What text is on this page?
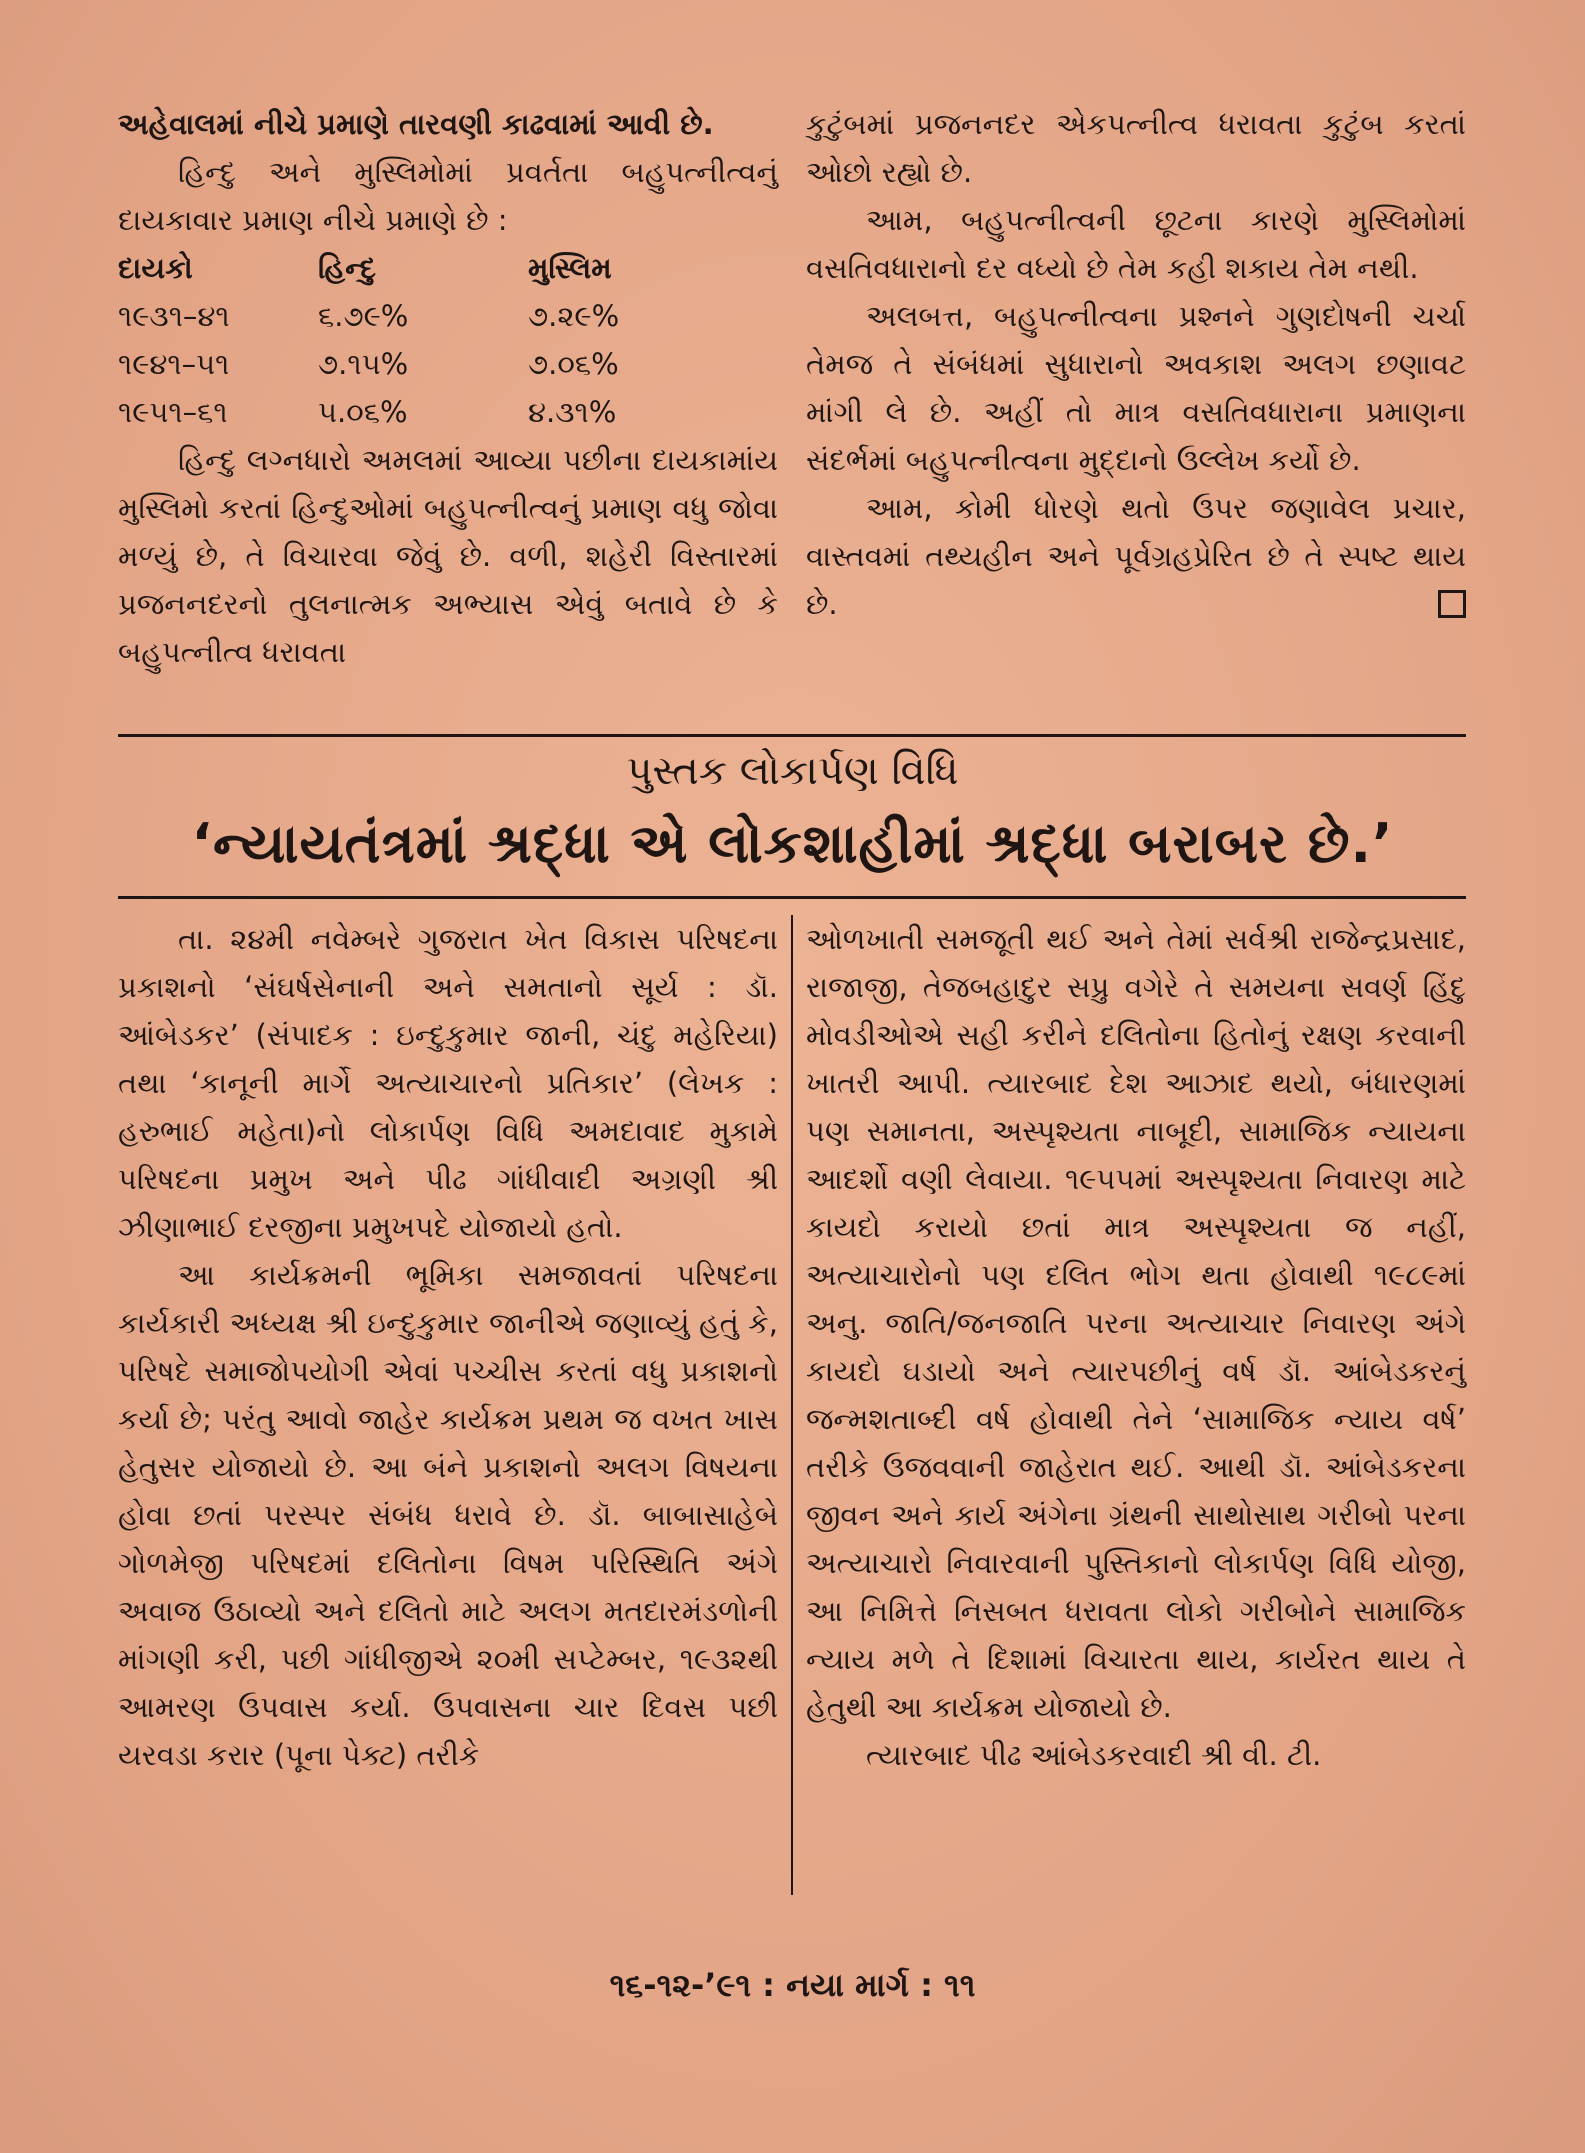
અહેવાલમાં નીચે પ્રમાણે તારવણી કાઢવામાં આવી છે.

હિન્દુ અને મુસ્લિમોમાં પ્રવર્તતા બહુપત્નીત્વનું દાયકાવાર પ્રમાણ નીચે પ્રમાણે છે :

દાયકો	હિન્દુ	મુસ્લિમ
૧૯૩૧–૪૧	૬.૭૯%	૭.૨૯%
૧૯૪૧–૫૧	૭.૧૫%	૭.૦૬%
૧૯૫૧–૬૧	૫.૦૬%	૪.૩૧%

હિન્દુ લગ્નધારો અમલમાં આવ્યા પછીના દાયકામાંય મુસ્લિમો કરતાં હિન્દુઓમાં બહુપત્નીત્વનું પ્રમાણ વધુ જોવા મળ્યું છે, તે વિચારવા જેવું છે. વળી, શહેરી વિસ્તારમાં પ્રજનનદરનો તુલનાત્મક અભ્યાસ એવું બતાવે છે કે બહુપત્નીત્વ ધરાવતા

કુટુંબમાં પ્રજનનદર એકપત્નીત્વ ધરાવતા કુટુંબ કરતાં ઓછો રહ્યો છે.

આમ, બહુપત્નીત્વની છૂટના કારણે મુસ્લિમોમાં વસતિવધારાનો દર વધ્યો છે તેમ કહી શકાય તેમ નથી.

અલબત્ત, બહુપત્નીત્વના પ્રશ્નને ગુણદોષની ચર્ચા તેમજ તે સંબંધમાં સુધારાનો અવકાશ અલગ છણાવટ માંગી લે છે. અહીં તો માત્ર વસતિવધારાના પ્રમાણના સંદર્ભમાં બહુપત્નીત્વના મુદ્દાનો ઉલ્લેખ કર્યો છે.

આમ, કોમી ધોરણે થતો ઉપર જણાવેલ પ્રચાર, વાસ્તવમાં તથ્યહીન અને પૂર્વગ્રહપ્રેરિત છે તે સ્પષ્ટ થાય છે.

પુસ્તક લોકાર્પણ વિધિ
‘ન્યાયતંત્રમાં શ્રદ્ધા એ લોકશાહીમાં શ્રદ્ધા બરાબર છે.’

તા. ૨૪મી નવેમ્બરે ગુજરાત ખેત વિકાસ પરિષદના પ્રકાશનો ‘સંઘર્ષસેનાની અને સમતાનો સૂર્ય : ડૉ. આંબેડકર’ (સંપાદક : ઇન્દુકુમાર જાની, ચંદુ મહેરિયા) તથા ‘કાનૂની માર્ગે અત્યાચારનો પ્રતિકાર’ (લેખક : હરુભાઈ મહેતા)નો લોકાર્પણ વિધિ અમદાવાદ મુકામે પરિષદના પ્રમુખ અને પીઢ ગાંધીવાદી અગ્રણી શ્રી ઝીણાભાઈ દરજીના પ્રમુખપદે યોજાયો હતો.

આ કાર્યક્રમની ભૂમિકા સમજાવતાં પરિષદના કાર્યકારી અધ્યક્ષ શ્રી ઇન્દુકુમાર જાનીએ જણાવ્યું હતું કે, પરિષદે સમાજોપયોગી એવાં પચ્ચીસ કરતાં વધુ પ્રકાશનો કર્યા છે; પરંતુ આવો જાહેર કાર્યક્રમ પ્રથમ જ વખત ખાસ હેતુસર યોજાયો છે. આ બંને પ્રકાશનો અલગ વિષયના હોવા છતાં પરસ્પર સંબંધ ધરાવે છે. ડૉ. બાબાસાહેબે ગોળમેજી પરિષદમાં દલિતોના વિષમ પરિસ્થિતિ અંગે અવાજ ઉઠાવ્યો અને દલિતો માટે અલગ મતદારમંડળોની માંગણી કરી, પછી ગાંધીજીએ ૨૦મી સપ્ટેમ્બર, ૧૯૩૨થી આમરણ ઉપવાસ કર્યા. ઉપવાસના ચાર દિવસ પછી યરવડા કરાર (પૂના પેક્ટ) તરીકે

ઓળખાતી સમજૂતી થઈ અને તેમાં સર્વશ્રી રાજેન્દ્રપ્રસાદ, રાજાજી, તેજબહાદુર સપ્રુ વગેરે તે સમયના સવર્ણ હિંદુ મોવડીઓએ સહી કરીને દલિતોના હિતોનું રક્ષણ કરવાની ખાતરી આપી. ત્યારબાદ દેશ આઝાદ થયો, બંધારણમાં પણ સમાનતા, અસ્પૃશ્યતા નાબૂદી, સામાજિક ન્યાયના આદર્શો વણી લેવાયા. ૧૯૫૫માં અસ્પૃશ્યતા નિવારણ માટે કાયદો કરાયો છતાં માત્ર અસ્પૃશ્યતા જ નહીં, અત્યાચારોનો પણ દલિત ભોગ થતા હોવાથી ૧૯૮૯માં અનુ. જાતિ/જનજાતિ પરના અત્યાચાર નિવારણ અંગે કાયદો ઘડાયો અને ત્યારપછીનું વર્ષ ડૉ. આંબેડકરનું જન્મશતાબ્દી વર્ષ હોવાથી તેને ‘સામાજિક ન્યાય વર્ષ’ તરીકે ઉજવવાની જાહેરાત થઈ. આથી ડૉ. આંબેડકરના જીવન અને કાર્ય અંગેના ગ્રંથની સાથોસાથ ગરીબો પરના અત્યાચારો નિવારવાની પુસ્તિકાનો લોકાર્પણ વિધિ યોજી, આ નિમિત્તે નિસબત ધરાવતા લોકો ગરીબોને સામાજિક ન્યાય મળે તે દિશામાં વિચારતા થાય, કાર્યરત થાય તે હેતુથી આ કાર્યક્રમ યોજાયો છે.

ત્યારબાદ પીઢ આંબેડકરવાદી શ્રી વી. ટી.

૧૬-૧૨-’૯૧ : નયા માર્ગ : ૧૧
